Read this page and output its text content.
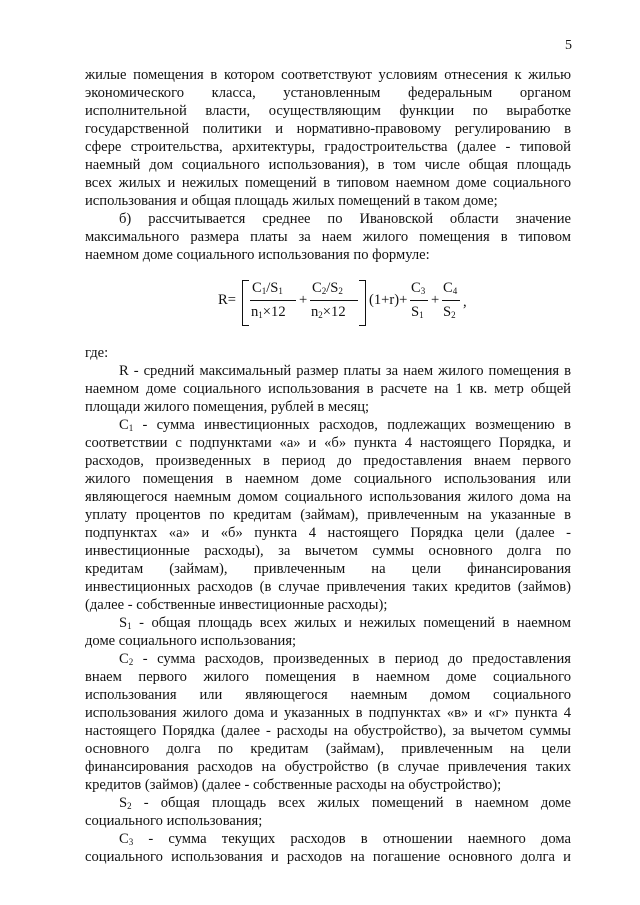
5
жилые помещения в котором соответствуют условиям отнесения к жилью
экономического класса, установленным федеральным органом
исполнительной власти, осуществляющим функции по выработке
государственной политики и нормативно-правовому регулированию в
сфере строительства, архитектуры, градостроительства (далее - типовой
наемный дом социального использования), в том числе общая площадь
всех жилых и нежилых помещений в типовом наемном доме социального
использования и общая площадь жилых помещений в таком доме;
б) рассчитывается среднее по Ивановской области значение
максимального размера платы за наем жилого помещения в типовом
наемном доме социального использования по формуле:
R=
$C_1/S_1$
$n_1\times 12$
+
$C_2/S_2$
$n_2\times 12$
(1+r)+
$C_3$
$S_1$
+
$C_4$
$S_2$
,
где:
R - средний максимальный размер платы за наем жилого помещения в
наемном доме социального использования в расчете на 1 кв. метр общей
площади жилого помещения, рублей в месяц;
$C_1$ - сумма инвестиционных расходов, подлежащих возмещению в
соответствии с подпунктами «а» и «б» пункта 4 настоящего Порядка, и
расходов, произведенных в период до предоставления внаем первого
жилого помещения в наемном доме социального использования или
являющегося наемным домом социального использования жилого дома на
уплату процентов по кредитам (займам), привлеченным на указанные в
подпунктах «а» и «б» пункта 4 настоящего Порядка цели (далее -
инвестиционные расходы), за вычетом суммы основного долга по
кредитам (займам), привлеченным на цели финансирования
инвестиционных расходов (в случае привлечения таких кредитов (займов)
(далее - собственные инвестиционные расходы);
$S_1$ - общая площадь всех жилых и нежилых помещений в наемном
доме социального использования;
$C_2$ - сумма расходов, произведенных в период до предоставления
внаем первого жилого помещения в наемном доме социального
использования или являющегося наемным домом социального
использования жилого дома и указанных в подпунктах «в» и «г» пункта 4
настоящего Порядка (далее - расходы на обустройство), за вычетом суммы
основного долга по кредитам (займам), привлеченным на цели
финансирования расходов на обустройство (в случае привлечения таких
кредитов (займов) (далее - собственные расходы на обустройство);
$S_2$ - общая площадь всех жилых помещений в наемном доме
социального использования;
$C_3$ - сумма текущих расходов в отношении наемного дома
социального использования и расходов на погашение основного долга и
